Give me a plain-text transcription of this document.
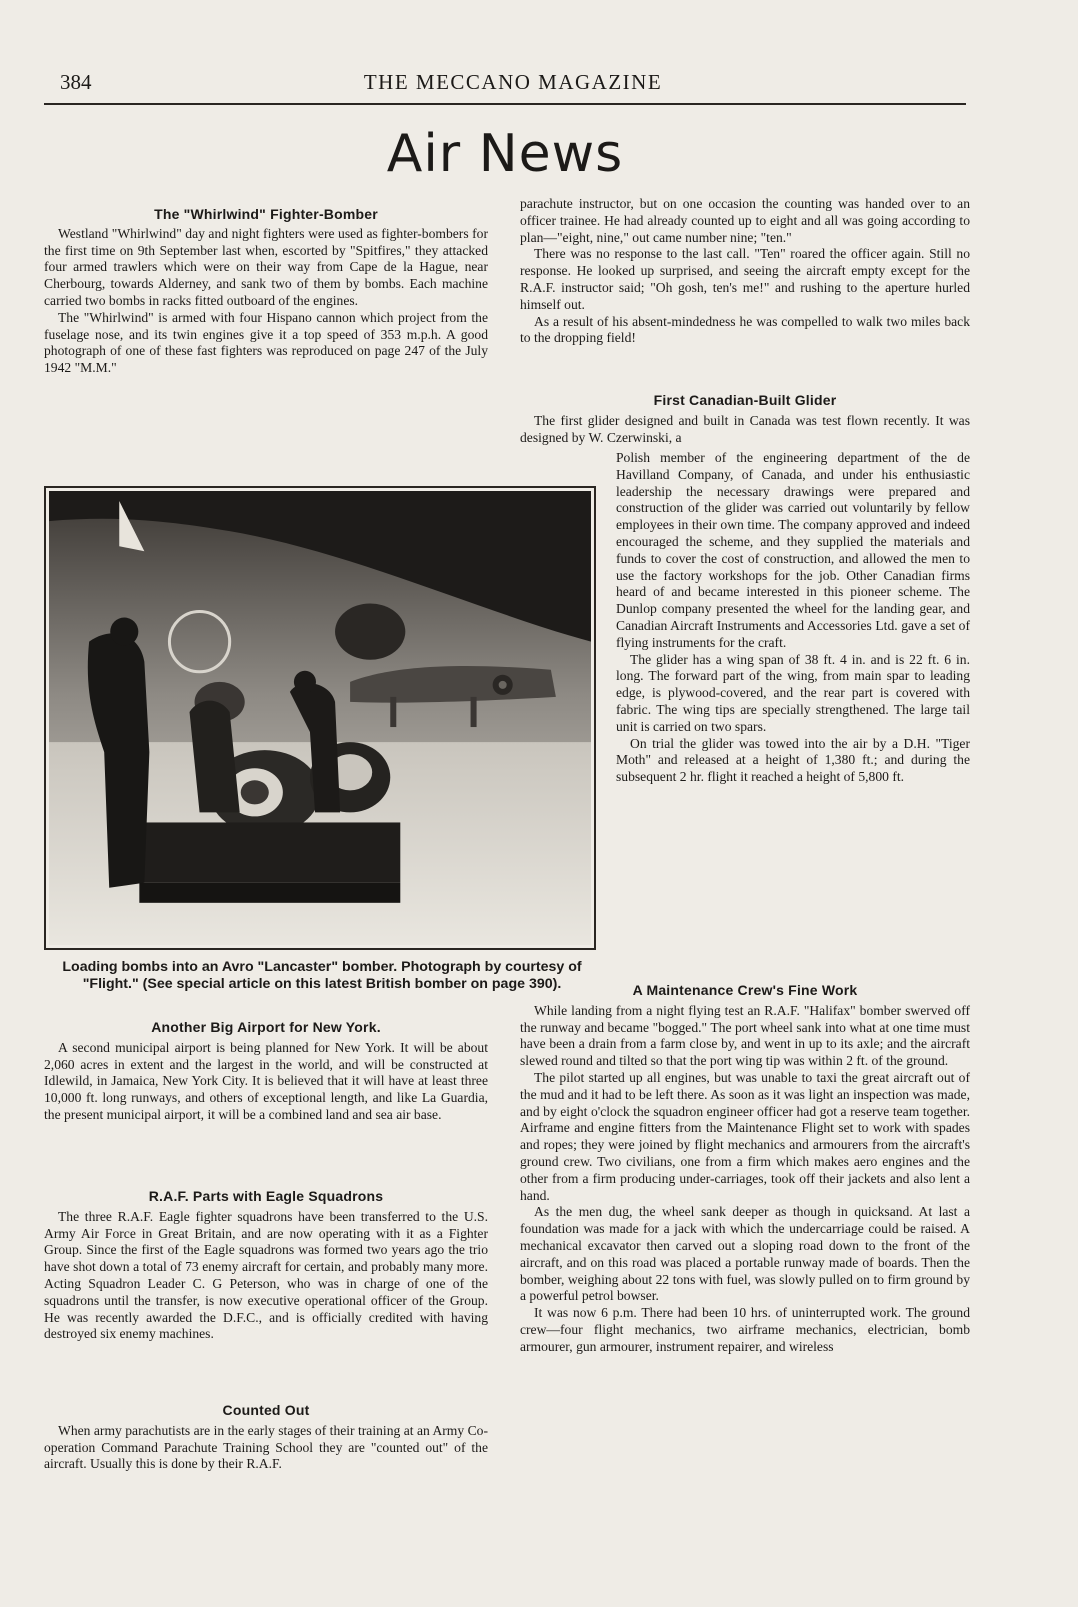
384	THE MECCANO MAGAZINE
Air News
The "Whirlwind" Fighter-Bomber

Westland "Whirlwind" day and night fighters were used as fighter-bombers for the first time on 9th September last when, escorted by "Spitfires," they attacked four armed trawlers which were on their way from Cape de la Hague, near Cherbourg, towards Alderney, and sank two of them by bombs. Each machine carried two bombs in racks fitted outboard of the engines.

The "Whirlwind" is armed with four Hispano cannon which project from the fuselage nose, and its twin engines give it a top speed of 353 m.p.h. A good photograph of one of these fast fighters was reproduced on page 247 of the July 1942 "M.M."

Loading bombs into an Avro "Lancaster" bomber. Photograph by courtesy of "Flight." (See special article on this latest British bomber on page 390).
Another Big Airport for New York.

A second municipal airport is being planned for New York. It will be about 2,060 acres in extent and the largest in the world, and will be constructed at Idlewild, in Jamaica, New York City. It is believed that it will have at least three 10,000 ft. long runways, and others of exceptional length, and like La Guardia, the present municipal airport, it will be a combined land and sea air base.

R.A.F. Parts with Eagle Squadrons

The three R.A.F. Eagle fighter squadrons have been transferred to the U.S. Army Air Force in Great Britain, and are now operating with it as a Fighter Group. Since the first of the Eagle squadrons was formed two years ago the trio have shot down a total of 73 enemy aircraft for certain, and probably many more. Acting Squadron Leader C. G Peterson, who was in charge of one of the squadrons until the transfer, is now executive operational officer of the Group. He was recently awarded the D.F.C., and is officially credited with having destroyed six enemy machines.

Counted Out

When army parachutists are in the early stages of their training at an Army Co-operation Command Parachute Training School they are "counted out" of the aircraft. Usually this is done by their R.A.F.

parachute instructor, but on one occasion the counting was handed over to an officer trainee. He had already counted up to eight and all was going according to plan—"eight, nine," out came number nine; "ten."

There was no response to the last call. "Ten" roared the officer again. Still no response. He looked up surprised, and seeing the aircraft empty except for the R.A.F. instructor said; "Oh gosh, ten's me!" and rushing to the aperture hurled himself out.

As a result of his absent-mindedness he was compelled to walk two miles back to the dropping field!

First Canadian-Built Glider

The first glider designed and built in Canada was test flown recently. It was designed by W. Czerwinski, a

Polish member of the engineering department of the de Havilland Company, of Canada, and under his enthusiastic leadership the necessary drawings were prepared and construction of the glider was carried out voluntarily by fellow employees in their own time. The company approved and indeed encouraged the scheme, and they supplied the materials and funds to cover the cost of construction, and allowed the men to use the factory workshops for the job. Other Canadian firms heard of and became interested in this pioneer scheme. The Dunlop company presented the wheel for the landing gear, and Canadian Aircraft Instruments and Accessories Ltd. gave a set of flying instruments for the craft.

The glider has a wing span of 38 ft. 4 in. and is 22 ft. 6 in. long. The forward part of the wing, from main spar to leading edge, is plywood-covered, and the rear part is covered with fabric. The wing tips are specially strengthened. The large tail unit is carried on two spars.

On trial the glider was towed into the air by a D.H. "Tiger Moth" and released at a height of 1,380 ft.; and during the subsequent 2 hr. flight it reached a height of 5,800 ft.

A Maintenance Crew's Fine Work

While landing from a night flying test an R.A.F. "Halifax" bomber swerved off the runway and became "bogged." The port wheel sank into what at one time must have been a drain from a farm close by, and went in up to its axle; and the aircraft slewed round and tilted so that the port wing tip was within 2 ft. of the ground.

The pilot started up all engines, but was unable to taxi the great aircraft out of the mud and it had to be left there. As soon as it was light an inspection was made, and by eight o'clock the squadron engineer officer had got a reserve team together. Airframe and engine fitters from the Maintenance Flight set to work with spades and ropes; they were joined by flight mechanics and armourers from the aircraft's ground crew. Two civilians, one from a firm which makes aero engines and the other from a firm producing under-carriages, took off their jackets and also lent a hand.

As the men dug, the wheel sank deeper as though in quicksand. At last a foundation was made for a jack with which the undercarriage could be raised. A mechanical excavator then carved out a sloping road down to the front of the aircraft, and on this road was placed a portable runway made of boards. Then the bomber, weighing about 22 tons with fuel, was slowly pulled on to firm ground by a powerful petrol bowser.

It was now 6 p.m. There had been 10 hrs. of uninterrupted work. The ground crew—four flight mechanics, two airframe mechanics, electrician, bomb armourer, gun armourer, instrument repairer, and wireless
